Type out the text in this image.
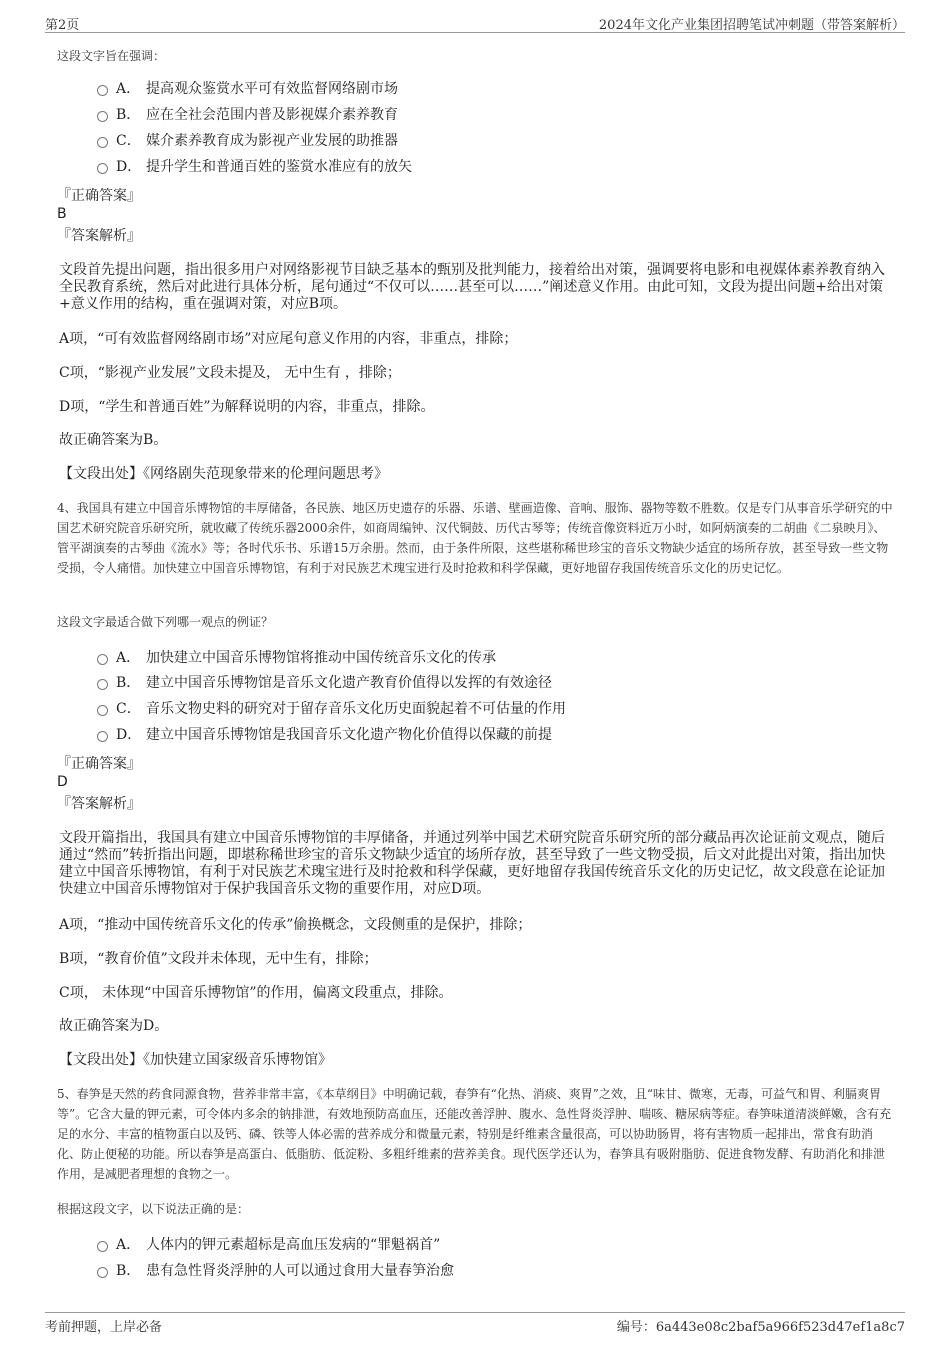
第2页	2024年文化产业集团招聘笔试冲刺题（带答案解析）
这段文字旨在强调：
A． 提高观众鉴赏水平可有效监督网络剧市场
B． 应在全社会范围内普及影视媒介素养教育
C． 媒介素养教育成为影视产业发展的助推器
D． 提升学生和普通百姓的鉴赏水准应有的放矢
『正确答案』
B
『答案解析』
文段首先提出问题，指出很多用户对网络影视节目缺乏基本的甄别及批判能力，接着给出对策，强调要将电影和电视媒体素养教育纳入全民教育系统，然后对此进行具体分析，尾句通过“不仅可以……甚至可以……”阐述意义作用。由此可知，文段为提出问题+给出对策+意义作用的结构，重在强调对策，对应B项。
A项，“可有效监督网络剧市场”对应尾句意义作用的内容，非重点，排除；
C项，“影视产业发展”文段未提及， 无中生有 ，排除；
D项，“学生和普通百姓”为解释说明的内容，非重点，排除。
故正确答案为B。
【文段出处】《网络剧失范现象带来的伦理问题思考》
4、我国具有建立中国音乐博物馆的丰厚储备，各民族、地区历史遗存的乐器、乐谱、壁画造像、音响、服饰、器物等数不胜数。仅是专门从事音乐学研究的中国艺术研究院音乐研究所，就收藏了传统乐器2000余件，如商周编钟、汉代铜鼓、历代古琴等；传统音像资料近万小时，如阿炳演奏的二胡曲《二泉映月》、管平湖演奏的古琴曲《流水》等；各时代乐书、乐谱15万余册。然而，由于条件所限，这些堪称稀世珍宝的音乐文物缺少适宜的场所存放，甚至导致一些文物受损，令人痛惜。加快建立中国音乐博物馆，有利于对民族艺术瑰宝进行及时抢救和科学保藏，更好地留存我国传统音乐文化的历史记忆。
这段文字最适合做下列哪一观点的例证？
A． 加快建立中国音乐博物馆将推动中国传统音乐文化的传承
B． 建立中国音乐博物馆是音乐文化遗产教育价值得以发挥的有效途径
C． 音乐文物史料的研究对于留存音乐文化历史面貌起着不可估量的作用
D． 建立中国音乐博物馆是我国音乐文化遗产物化价值得以保藏的前提
『正确答案』
D
『答案解析』
文段开篇指出，我国具有建立中国音乐博物馆的丰厚储备，并通过列举中国艺术研究院音乐研究所的部分藏品再次论证前文观点，随后通过“然而”转折指出问题，即堪称稀世珍宝的音乐文物缺少适宜的场所存放，甚至导致了一些文物受损，后文对此提出对策，指出加快建立中国音乐博物馆，有利于对民族艺术瑰宝进行及时抢救和科学保藏，更好地留存我国传统音乐文化的历史记忆，故文段意在论证加快建立中国音乐博物馆对于保护我国音乐文物的重要作用，对应D项。
A项，“推动中国传统音乐文化的传承”偷换概念，文段侧重的是保护，排除；
B项，“教育价值”文段并未体现，无中生有，排除；
C项， 未体现“中国音乐博物馆”的作用，偏离文段重点，排除。
故正确答案为D。
【文段出处】《加快建立国家级音乐博物馆》
5、春笋是天然的药食同源食物，营养非常丰富，《本草纲目》中明确记载，春笋有“化热、消痰、爽胃”之效，且“味甘、微寒，无毒，可益气和胃、利膈爽胃等”。它含大量的钾元素，可令体内多余的钠排泄，有效地预防高血压，还能改善浮肿、腹水、急性肾炎浮肿、喘咳、糖尿病等症。春笋味道清淡鲜嫩，含有充足的水分、丰富的植物蛋白以及钙、磷、铁等人体必需的营养成分和微量元素，特别是纤维素含量很高，可以协助肠胃，将有害物质一起排出，常食有助消化、防止便秘的功能。所以春笋是高蛋白、低脂肪、低淀粉、多粗纤维素的营养美食。现代医学还认为，春笋具有吸附脂肪、促进食物发酵、有助消化和排泄作用，是减肥者理想的食物之一。
根据这段文字，以下说法正确的是：
A． 人体内的钾元素超标是高血压发病的“罪魁祸首”
B． 患有急性肾炎浮肿的人可以通过食用大量春笋治愈
考前押题，上岸必备	编号：6a443e08c2baf5a966f523d47ef1a8c7
